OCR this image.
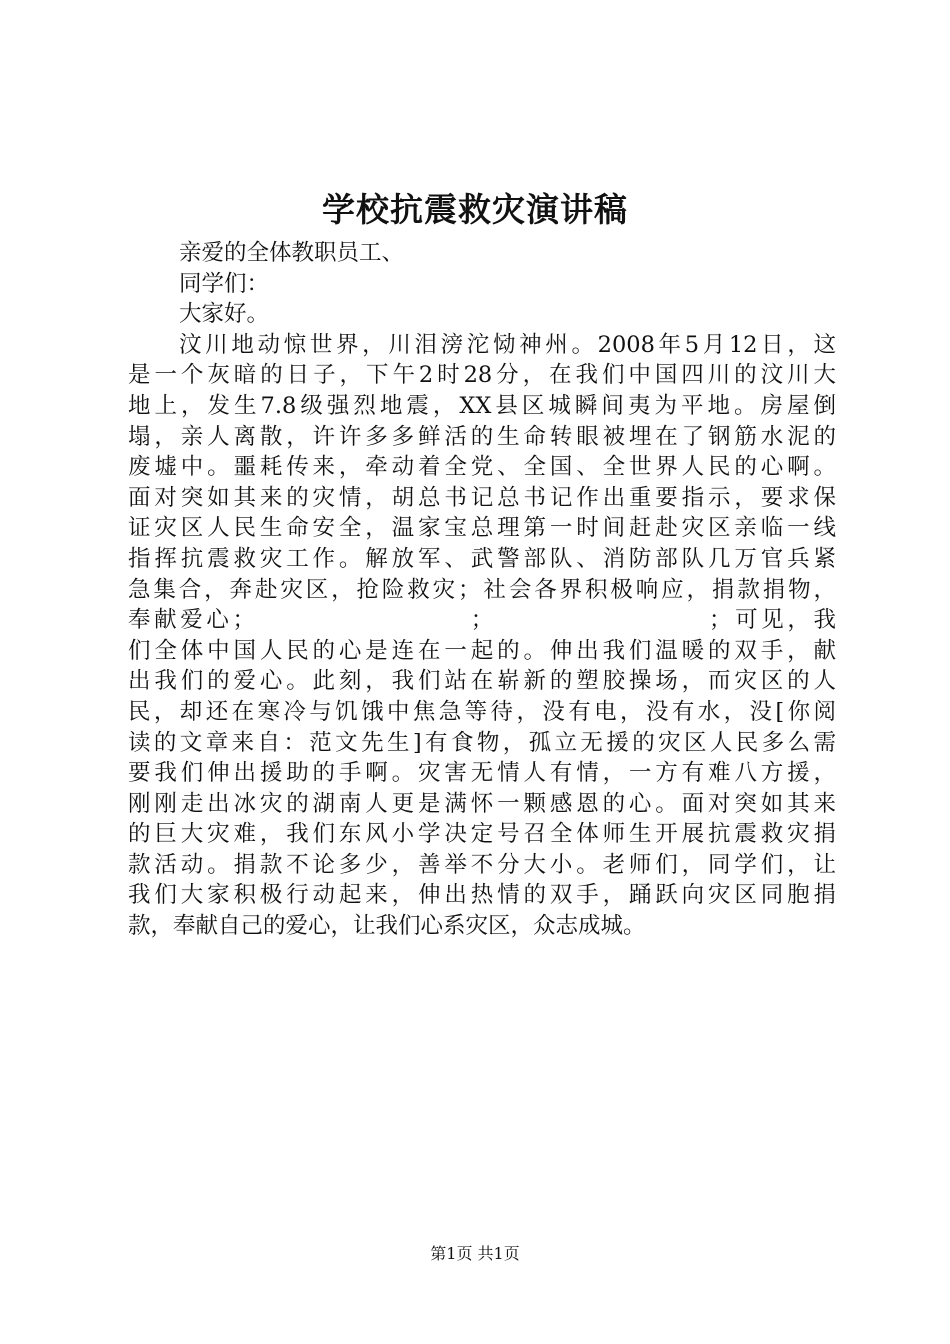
学校抗震救灾演讲稿
亲爱的全体教职员工、
同学们：
大家好。
汶川地动惊世界，川泪滂沱恸神州。2008年5月12日，这
是一个灰暗的日子，下午2时28分，在我们中国四川的汶川大
地上，发生7.8级强烈地震，XX县区城瞬间夷为平地。房屋倒
塌，亲人离散，许许多多鲜活的生命转眼被埋在了钢筋水泥的
废墟中。噩耗传来，牵动着全党、全国、全世界人民的心啊。
面对突如其来的灾情，胡总书记总书记作出重要指示，要求保
证灾区人民生命安全，温家宝总理第一时间赶赴灾区亲临一线
指挥抗震救灾工作。解放军、武警部队、消防部队几万官兵紧
急集合，奔赴灾区，抢险救灾；社会各界积极响应，捐款捐物，
奉献爱心；                    ；                    ；可见，我
们全体中国人民的心是连在一起的。伸出我们温暖的双手，献
出我们的爱心。此刻，我们站在崭新的塑胶操场，而灾区的人
民，却还在寒冷与饥饿中焦急等待，没有电，没有水，没[你阅
读的文章来自：范文先生]有食物，孤立无援的灾区人民多么需
要我们伸出援助的手啊。灾害无情人有情，一方有难八方援，
刚刚走出冰灾的湖南人更是满怀一颗感恩的心。面对突如其来
的巨大灾难，我们东风小学决定号召全体师生开展抗震救灾捐
款活动。捐款不论多少，善举不分大小。老师们，同学们，让
我们大家积极行动起来，伸出热情的双手，踊跃向灾区同胞捐
款，奉献自己的爱心，让我们心系灾区，众志成城。
第1页 共1页
